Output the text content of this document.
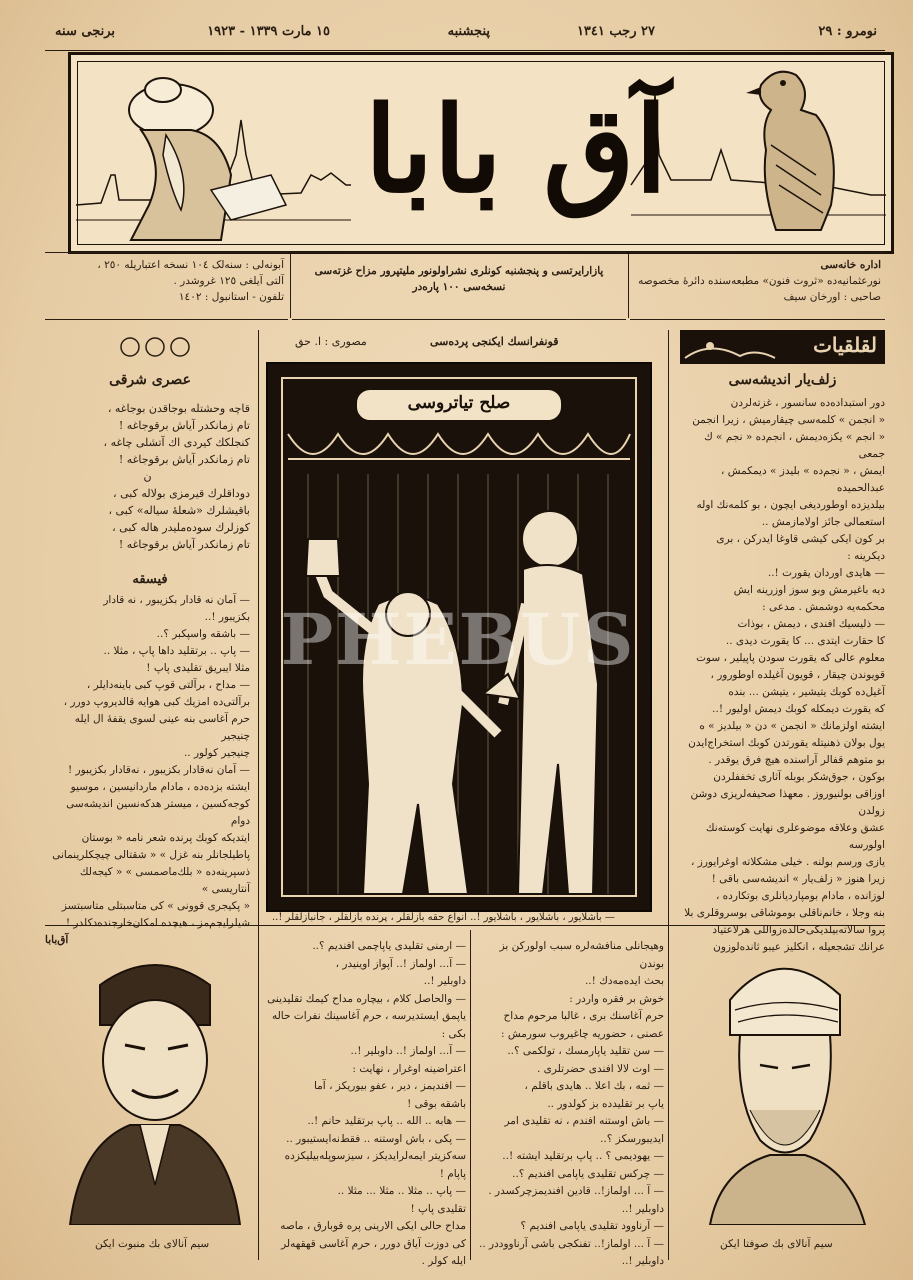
نومرو : ٢٩
٢٧ رجب ١٣٤١
پنجشنبه
١٥ مارت ١٣٣٩ - ١٩٢٣
برنجی سنه
آق بابا
اداره خانه‌سی
نورعثمانیه‌ده «ثروت فنون» مطبعه‌سنده دائرهٔ مخصوصه
صاحبی : اورخان سیف
پازارایرتسی و پنجشنبه کونلری نشراولونور ملیتپرور مزاح غزته‌سی
نسخه‌سی ١٠٠ پاره‌در
آبونه‌لی : سنه‌لک ١٠٤ نسخه اعتباریله ٢٥٠ ،
آلتی آیلغی ١٢٥ غروشدر .
تلفون - استانبول : ١٤٠٢
قونفرانسك ایکنجی پرده‌سی
مصوری : ا. حق
صلح تیاتروسی
PHEBUS
— باشلایور ، باشلایور ، باشلایور !.. انواع حقه بازلقلر ، پرنده بازلقلر ، جانبازلقلر !..
عصری شرقی
قاچه وحشتله بوجاقدن بوجاغه ،
تام زمانکدر آیاش برقوجاغه !
کنجلکك کیردی اك آتشلی چاغه ،
تام زمانکدر آیاش برقوجاغه !
ن
دوداقلرك قیرمزی بولاله کبی ،
باقیشلرك «شعلهٔ سیاله» کبی ،
کوزلرك سوده‌ملیدر هاله کبی ،
تام زمانکدر آیاش برقوجاغه !
فیسقه
— آمان نه قادار بکزیبور ، نه قادار
بکزیبور !..
— باشقه واسپکبر ؟..
— پاپ .. برتقلید داها پاپ ، مثلا ..
مثلا ایبریق تقلیدی پاپ !
— مداح ، برآلتی قوپ کبی باینه‌دایلر ،
برآلتی‌ده امزیك کبی هوایه قالدیروپ دورر ،
حرم آغاسی بنه عینی لسوی یقفهٔ ال ایله چنیجیر
چنیجیر کولور ..
— آمان نه‌قادار بکزیبور ، نه‌قادار بکزیبور !
ایشته بزده‌ده ، مادام ماردانیسین ، موسیو
کوجه‌کسین ، میستر هدکه‌نسین اندیشه‌سی دوام
ایتدیکه کوبك پرنده شعر نامه « بوستان
پاطیلجانلر بنه غزل » « شقتالی چیچکلرینمانی
ذسپرینه‌ده « بلك‌ماصمسی » « کیجه‌لك آنتاریسی »
« پکیجری قوونی » کی متاسبتلی متاسبتسز
شیلرایجم‌مز ، هیچده امکان‌خارجنده‌دکلدر !
آق‌بابا
سیم آنالای بك منبوت ایکن
لقلقیات
زلف‌یار اندیشه‌سی
دور استبداده‌ده سانسور ، غزته‌لردن
« انجمن » کلمه‌سی چیقارمیش ، زیرا انجمن
« انجم » یکزه‌دیمش ، انجم‌ده « نجم » ك جمعی
ایمش ، « نجم‌ده » بلیدز » دیمکمش ، عبدالحمیده
بیلدیزده اوطوردیغی ایچون ، بو کلمه‌نك اوله
استعمالی جائز اولامازمش ..
بر کون ایکی کیشی قاوغا ایدرکن ، بری
دیکرینه :
— هایدی اوردان یقورت !..
دیه باغیرمش وبو سوز اوزرینه ایش
محکمه‌یه دوشمش . مدعی :
— ذلیسیك افندی ، دیمش ، بوذات
کا حقارت ایتدی ... کا یقورت دیدی ..
معلوم عالی که یقورت سودن پاپیلیر ، سوت
قویوندن چیقار ، قویون آغیلده اوطورور ،
آغیل‌ده کوبك یتیشیر ، یتیشن ... بنده
که یقورت دیمکله کوبك دیمش اولیور !..
ایشته اولزمانك « انجمن » دن « بیلدیز » ه
یول بولان ذهنیتله یقورتدن کوبك استخراج‌ایدن
بو متوهم قفالر آراسنده هیچ فرق یوقدر .
بوکون ، جوق‌شکر بوبله آثاری تخففلردن
اوزاقی بولنیوروز . معهذا صحیفه‌لریزی دوشن زولدن
عشق وعلاقه موضوعلری نهایت کوسته‌نك اولورسه
یازی ورسم بولنه . خیلی مشکلاته اوغرایورز ،
زیرا هنوز « زلف‌یار » اندیشه‌سی باقی !
لوزانده ، مادام بومپاردیانلری بوتکارده ،
بنه وجلا ، خانم‌ناقلی بوموشاقی بوسروقلری بلا
پروا سالاته‌بیلدیکی‌حالده‌زواللی هرلاعتیاد
عرانك تشجعیله ، انکلیز عیبو ثانده‌لوزون
سیم آنالای بك صوفتا ایکن
وهیجانلی منافشه‌لره سبب اولورکن بز بوندن
بحث ایده‌مه‌دك !..
خوش بر فقره واردر :
حرم آغاسنك بری ، غالبا مرحوم مداح
عصنی ، حضوریه چاغیروب سورمش :
— سن تقلید یاپارمسك ، تولکمی ؟..
— اوت لالا افندی حضرتلری .
— ثمه ، بك اعلا .. هایدی باقلم ،
یاپ بر تقلیدده بز کولدور ..
— باش اوستنه افندم ، نه تقلیدی امر
ایدیبورسکز ؟..
— یهودیمی ؟ .. پاپ برتقلید ایشته !..
— چرکس تقلیدی یاپامی افندیم ؟..
— آ ... اولماز!.. قادین افندیمزچرکسدر .
داوبلیر !..
— آرناوود تقلیدی یاپامی افندیم ؟
— آ ... اولماز!.. تفنکجی باشی آرناووددر ..
داوبلیر !..
— ارمنی تقلیدی یاپاچمی افندیم ؟..
— آ... اولماز !.. آپواز اوینیدر ،
داوبلیر !..
— والحاصل کلام ، بیچاره مداح کیمك تقلیدینی
یاپمق ایستدیرسه ، حرم آغاسینك نفرات حاله
بکی :
— آ... اولماز !.. داوبلیر !..
اعتراضینه اوغرار ، نهایت :
— افندیمز ، دیر ، عفو بیوریکز ، آما
باشقه بوقی !
— هابه .. الله .. پاپ برتقلید حانم !..
— پکی ، باش اوستنه .. فقط‌نه‌ایستیبور ..
سه‌کزیتر ایمه‌لرایدیکز ، سیزسوپله‌بیلیکزده پاپام !
— پاپ .. مثلا .. مثلا ... مثلا ..
تقلیدی پاپ !
مداح حالی ایکی الارینی پره قوبارق ، ماصه
کی دوزت آیاق دورر ، حرم آغاسی قهقهه‌لر
ایله کولر .
